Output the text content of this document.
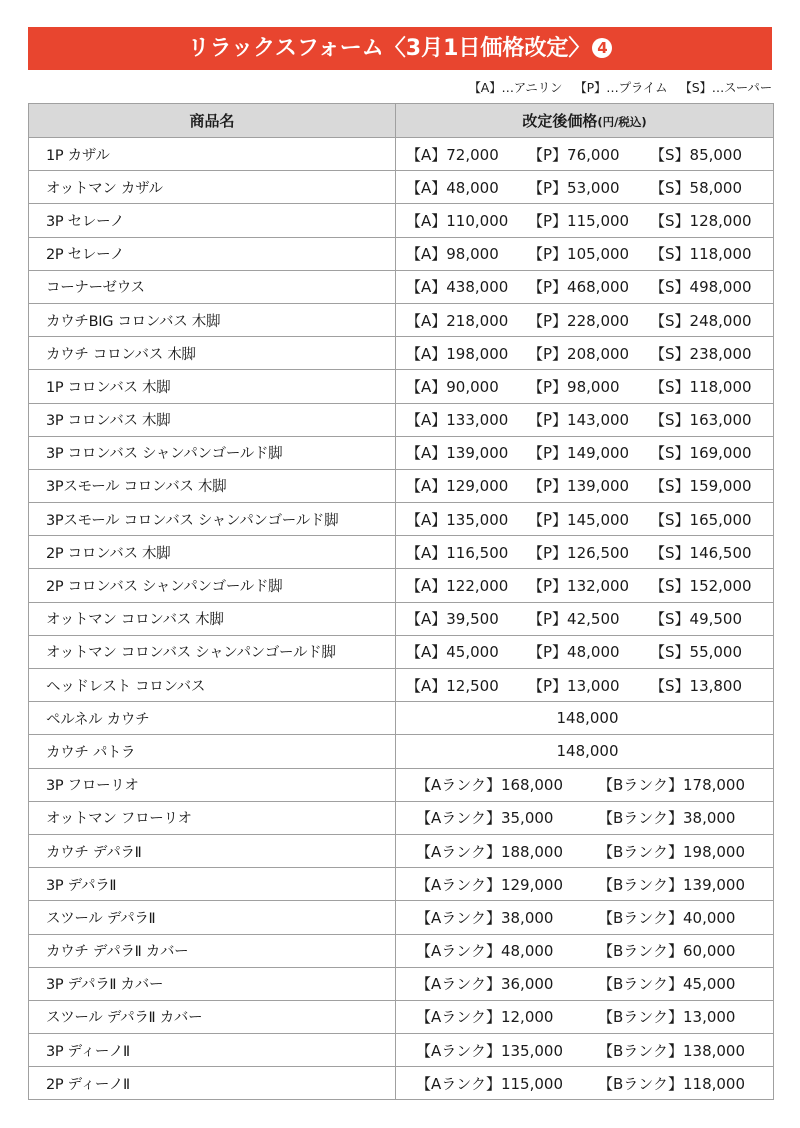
リラックスフォーム〈3月1日価格改定〉 4
【A】…アニリン 【P】…プライム 【S】…スーパー
商品名	改定後価格(円/税込)
1P カザル	【A】72,000 【P】76,000 【S】85,000

オットマン カザル	【A】48,000 【P】53,000 【S】58,000

3P セレーノ	【A】110,000 【P】115,000 【S】128,000

2P セレーノ	【A】98,000 【P】105,000 【S】118,000

コーナーゼウス	【A】438,000 【P】468,000 【S】498,000

カウチBIG コロンバス 木脚	【A】218,000 【P】228,000 【S】248,000

カウチ コロンバス 木脚	【A】198,000 【P】208,000 【S】238,000

1P コロンバス 木脚	【A】90,000 【P】98,000 【S】118,000

3P コロンバス 木脚	【A】133,000 【P】143,000 【S】163,000

3P コロンバス シャンパンゴールド脚	【A】139,000 【P】149,000 【S】169,000

3Pスモール コロンバス 木脚	【A】129,000 【P】139,000 【S】159,000

3Pスモール コロンバス シャンパンゴールド脚	【A】135,000 【P】145,000 【S】165,000

2P コロンバス 木脚	【A】116,500 【P】126,500 【S】146,500

2P コロンバス シャンパンゴールド脚	【A】122,000 【P】132,000 【S】152,000

オットマン コロンバス 木脚	【A】39,500 【P】42,500 【S】49,500

オットマン コロンバス シャンパンゴールド脚	【A】45,000 【P】48,000 【S】55,000

ヘッドレスト コロンバス	【A】12,500 【P】13,000 【S】13,800

ペルネル カウチ	148,000

カウチ パトラ	148,000

3P フローリオ	【Aランク】168,000 【Bランク】178,000

オットマン フローリオ	【Aランク】35,000 【Bランク】38,000

カウチ デパラⅡ	【Aランク】188,000 【Bランク】198,000

3P デパラⅡ	【Aランク】129,000 【Bランク】139,000

スツール デパラⅡ	【Aランク】38,000 【Bランク】40,000

カウチ デパラⅡ カバー	【Aランク】48,000 【Bランク】60,000

3P デパラⅡ カバー	【Aランク】36,000 【Bランク】45,000

スツール デパラⅡ カバー	【Aランク】12,000 【Bランク】13,000

3P ディーノⅡ	【Aランク】135,000 【Bランク】138,000

2P ディーノⅡ	【Aランク】115,000 【Bランク】118,000
